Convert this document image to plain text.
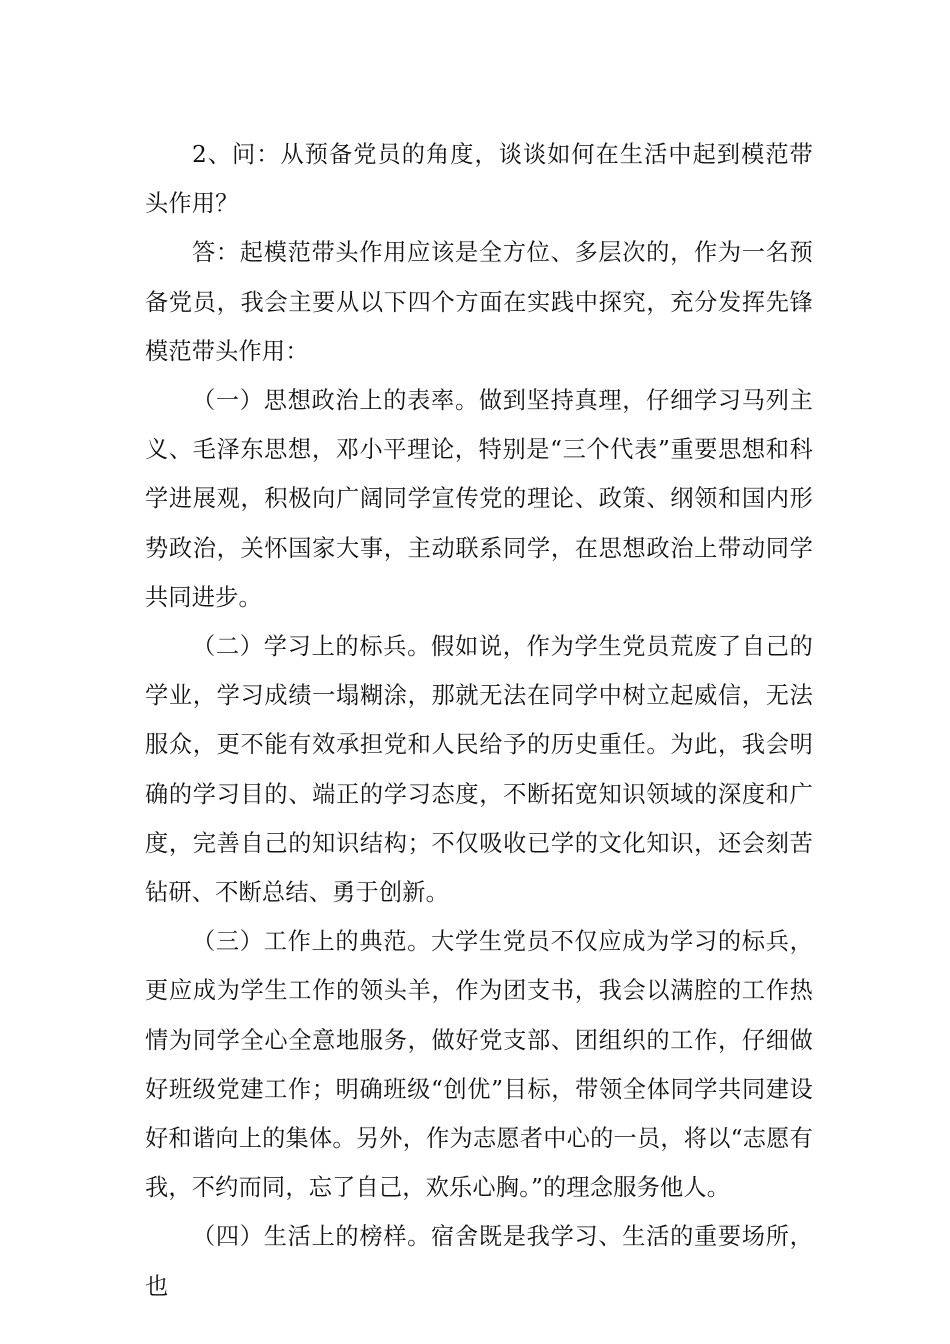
2、问：从预备党员的角度，谈谈如何在生活中起到模范带头作用？

答：起模范带头作用应该是全方位、多层次的，作为一名预备党员，我会主要从以下四个方面在实践中探究，充分发挥先锋模范带头作用：

（一）思想政治上的表率。做到坚持真理，仔细学习马列主义、毛泽东思想，邓小平理论，特别是“三个代表”重要思想和科学进展观，积极向广阔同学宣传党的理论、政策、纲领和国内形势政治，关怀国家大事，主动联系同学，在思想政治上带动同学共同进步。

（二）学习上的标兵。假如说，作为学生党员荒废了自己的学业，学习成绩一塌糊涂，那就无法在同学中树立起威信，无法服众，更不能有效承担党和人民给予的历史重任。为此，我会明确的学习目的、端正的学习态度，不断拓宽知识领域的深度和广度，完善自己的知识结构；不仅吸收已学的文化知识，还会刻苦钻研、不断总结、勇于创新。

（三）工作上的典范。大学生党员不仅应成为学习的标兵，更应成为学生工作的领头羊，作为团支书，我会以满腔的工作热情为同学全心全意地服务，做好党支部、团组织的工作，仔细做好班级党建工作；明确班级“创优”目标，带领全体同学共同建设好和谐向上的集体。另外，作为志愿者中心的一员，将以“志愿有我，不约而同，忘了自己，欢乐心胸。”的理念服务他人。

（四）生活上的榜样。宿舍既是我学习、生活的重要场所，也
